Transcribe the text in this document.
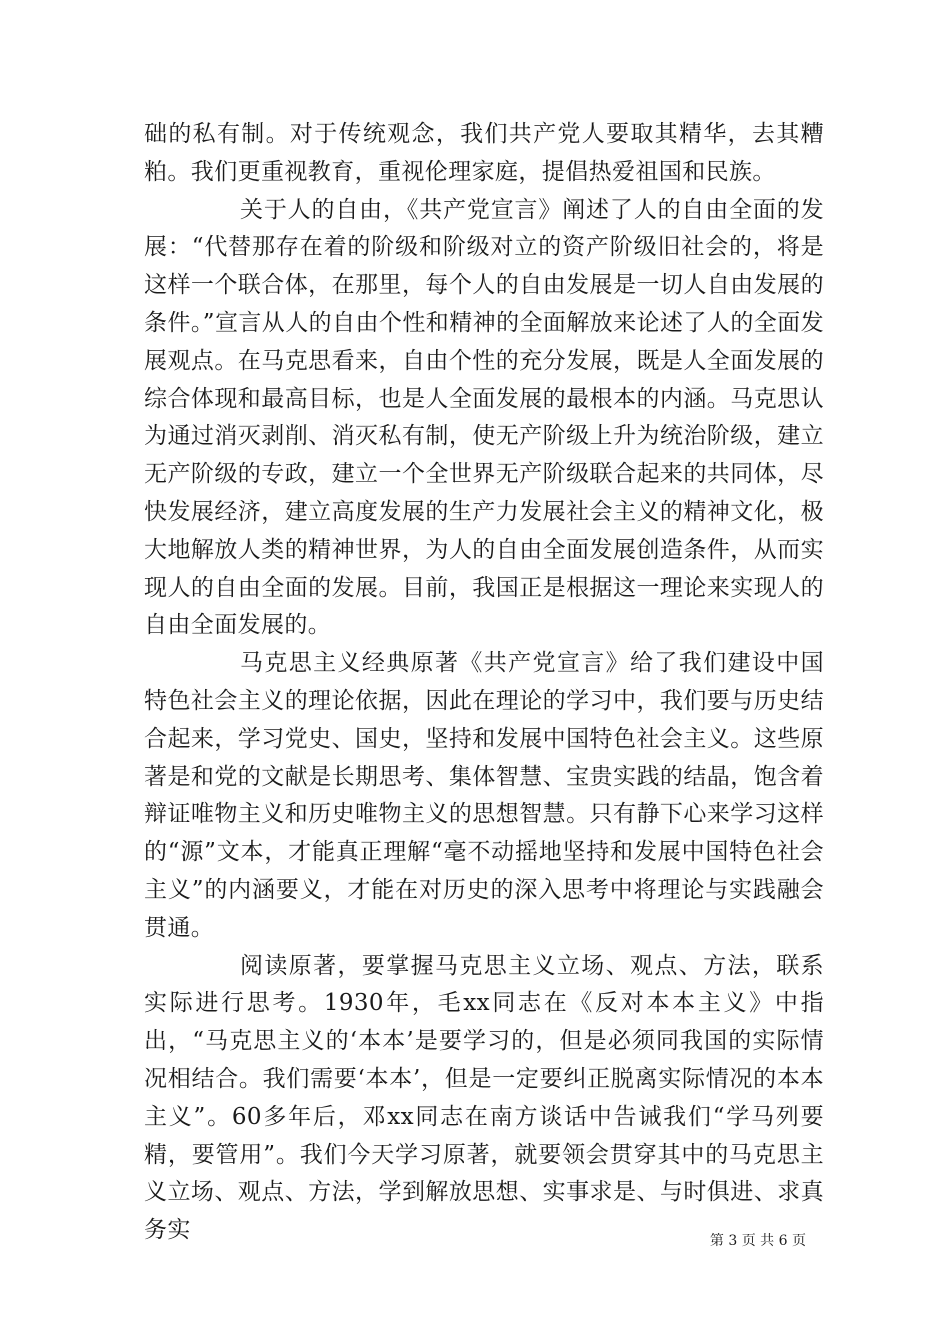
础的私有制。对于传统观念，我们共产党人要取其精华，去其糟粕。我们更重视教育，重视伦理家庭，提倡热爱祖国和民族。

关于人的自由，《共产党宣言》阐述了人的自由全面的发展：“代替那存在着的阶级和阶级对立的资产阶级旧社会的，将是这样一个联合体，在那里，每个人的自由发展是一切人自由发展的条件。”宣言从人的自由个性和精神的全面解放来论述了人的全面发展观点。在马克思看来，自由个性的充分发展，既是人全面发展的综合体现和最高目标，也是人全面发展的最根本的内涵。马克思认为通过消灭剥削、消灭私有制，使无产阶级上升为统治阶级，建立无产阶级的专政，建立一个全世界无产阶级联合起来的共同体，尽快发展经济，建立高度发展的生产力发展社会主义的精神文化，极大地解放人类的精神世界，为人的自由全面发展创造条件，从而实现人的自由全面的发展。目前，我国正是根据这一理论来实现人的自由全面发展的。

马克思主义经典原著《共产党宣言》给了我们建设中国特色社会主义的理论依据，因此在理论的学习中，我们要与历史结合起来，学习党史、国史，坚持和发展中国特色社会主义。这些原著是和党的文献是长期思考、集体智慧、宝贵实践的结晶，饱含着辩证唯物主义和历史唯物主义的思想智慧。只有静下心来学习这样的“源”文本，才能真正理解“毫不动摇地坚持和发展中国特色社会主义”的内涵要义，才能在对历史的深入思考中将理论与实践融会贯通。

阅读原著，要掌握马克思主义立场、观点、方法，联系实际进行思考。1930年，毛xx同志在《反对本本主义》中指出，“马克思主义的‘本本’是要学习的，但是必须同我国的实际情况相结合。我们需要‘本本’，但是一定要纠正脱离实际情况的本本主义”。60多年后，邓xx同志在南方谈话中告诫我们“学马列要精，要管用”。我们今天学习原著，就要领会贯穿其中的马克思主义立场、观点、方法，学到解放思想、实事求是、与时俱进、求真务实	第 3 页 共 6 页
